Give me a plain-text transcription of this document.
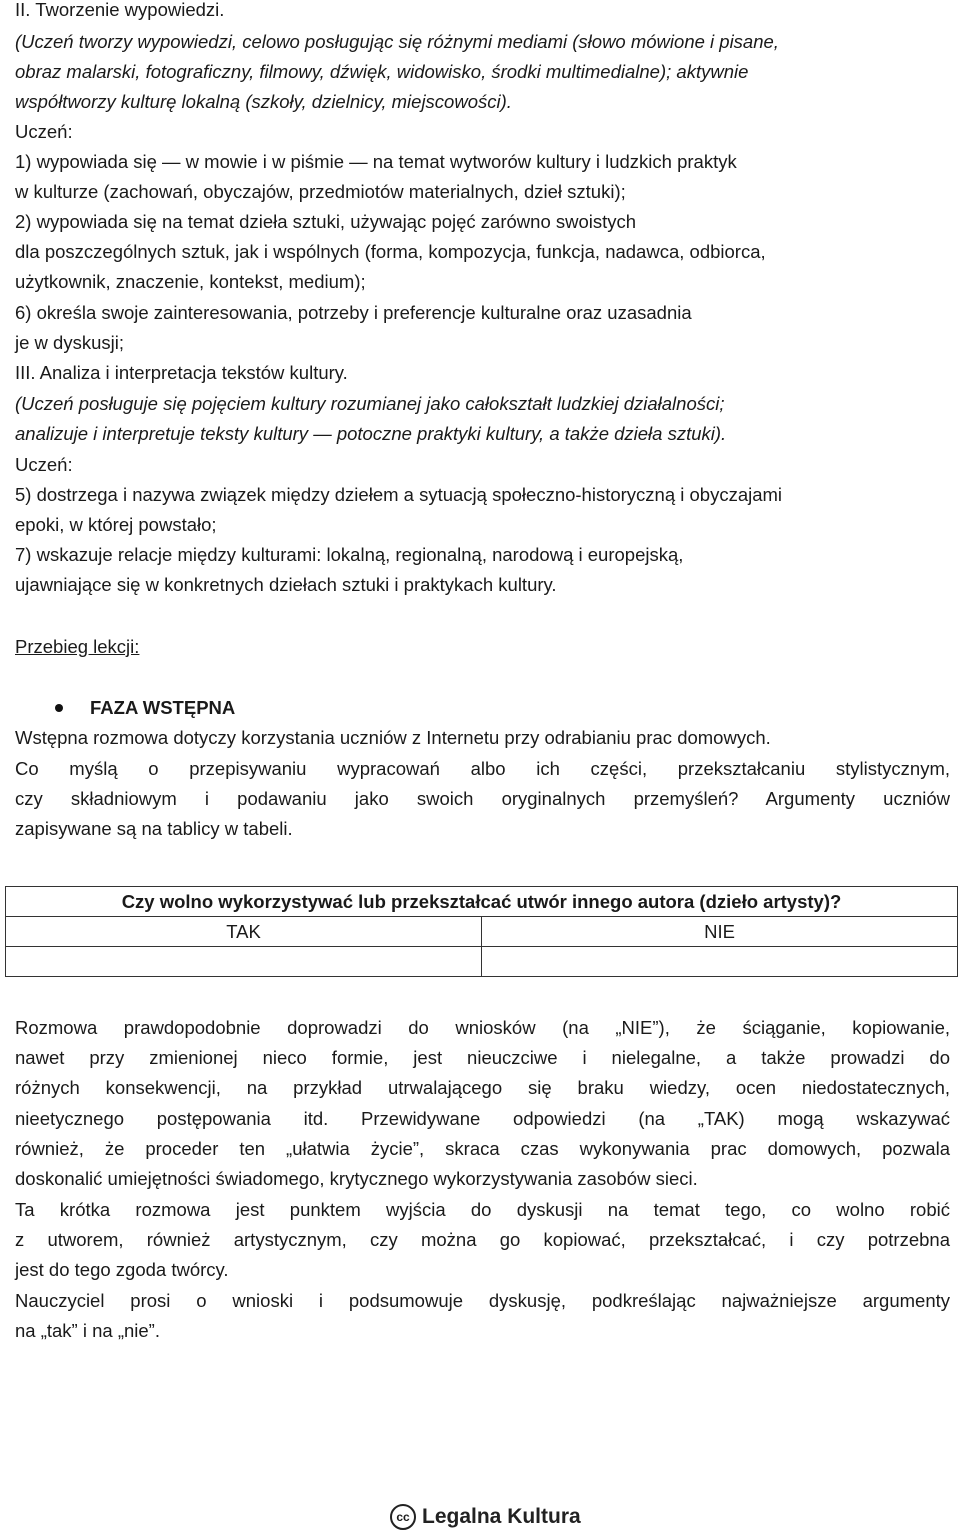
II. Tworzenie wypowiedzi.
(Uczeń tworzy wypowiedzi, celowo posługując się różnymi mediami (słowo mówione i pisane,
obraz malarski, fotograficzny, filmowy, dźwięk, widowisko, środki multimedialne); aktywnie
współtworzy kulturę lokalną (szkoły, dzielnicy, miejscowości).
Uczeń:
1) wypowiada się — w mowie i w piśmie — na temat wytworów kultury i ludzkich praktyk
w kulturze (zachowań, obyczajów, przedmiotów materialnych, dzieł sztuki);
2) wypowiada się na temat dzieła sztuki, używając pojęć zarówno swoistych
dla poszczególnych sztuk, jak i wspólnych (forma, kompozycja, funkcja, nadawca, odbiorca,
użytkownik, znaczenie, kontekst, medium);
6) określa swoje zainteresowania, potrzeby i preferencje kulturalne oraz uzasadnia
je w dyskusji;
III. Analiza i interpretacja tekstów kultury.
(Uczeń posługuje się pojęciem kultury rozumianej jako całokształt ludzkiej działalności;
analizuje i interpretuje teksty kultury — potoczne praktyki kultury, a także dzieła sztuki).
Uczeń:
5) dostrzega i nazywa związek między dziełem a sytuacją społeczno-historyczną i obyczajami
epoki, w której powstało;
7) wskazuje relacje między kulturami: lokalną, regionalną, narodową i europejską,
ujawniające się w konkretnych dziełach sztuki i praktykach kultury.
Przebieg lekcji:
FAZA WSTĘPNA
Wstępna rozmowa dotyczy korzystania uczniów z Internetu przy odrabianiu prac domowych.
Co myślą o przepisywaniu wypracowań albo ich części, przekształcaniu stylistycznym,
czy składniowym i podawaniu jako swoich oryginalnych przemyśleń? Argumenty uczniów
zapisywane są na tablicy w tabeli.
Czy wolno wykorzystywać lub przekształcać utwór innego autora (dzieło artysty)?	
TAK	NIE

Rozmowa prawdopodobnie doprowadzi do wniosków (na „NIE”), że ściąganie, kopiowanie,
nawet przy zmienionej nieco formie, jest nieuczciwe i nielegalne, a także prowadzi do
różnych konsekwencji, na przykład utrwalającego się braku wiedzy, ocen niedostatecznych,
nieetycznego postępowania itd. Przewidywane odpowiedzi (na „TAK) mogą wskazywać
również, że proceder ten „ułatwia życie”, skraca czas wykonywania prac domowych, pozwala
doskonalić umiejętności świadomego, krytycznego wykorzystywania zasobów sieci.
Ta krótka rozmowa jest punktem wyjścia do dyskusji na temat tego, co wolno robić
z utworem, również artystycznym, czy można go kopiować, przekształcać, i czy potrzebna
jest do tego zgoda twórcy.
Nauczyciel prosi o wnioski i podsumowuje dyskusję, podkreślając najważniejsze argumenty
na „tak” i na „nie”.
cc Legalna Kultura
